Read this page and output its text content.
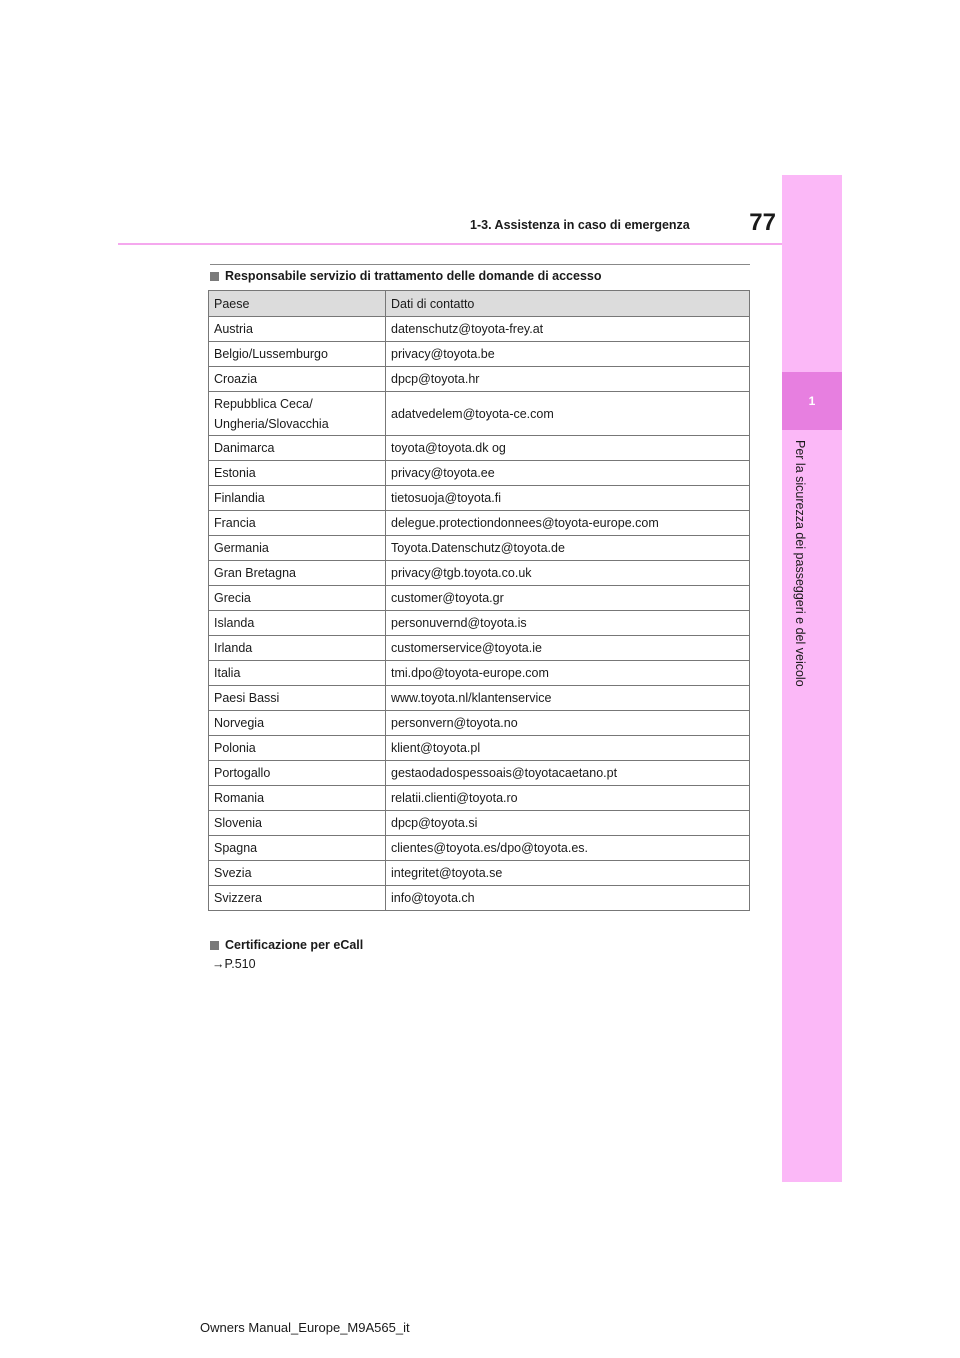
77
1-3. Assistenza in caso di emergenza
1
Per la sicurezza dei passeggeri e del veicolo
Responsabile servizio di trattamento delle domande di accesso
Paese	Dati di contatto
Austria	datenschutz@toyota-frey.at
Belgio/Lussemburgo	privacy@toyota.be
Croazia	dpcp@toyota.hr
Repubblica Ceca/
Ungheria/Slovacchia	adatvedelem@toyota-ce.com
Danimarca	toyota@toyota.dk og
Estonia	privacy@toyota.ee
Finlandia	tietosuoja@toyota.fi
Francia	delegue.protectiondonnees@toyota-europe.com
Germania	Toyota.Datenschutz@toyota.de
Gran Bretagna	privacy@tgb.toyota.co.uk
Grecia	customer@toyota.gr
Islanda	personuvernd@toyota.is
Irlanda	customerservice@toyota.ie
Italia	tmi.dpo@toyota-europe.com
Paesi Bassi	www.toyota.nl/klantenservice
Norvegia	personvern@toyota.no
Polonia	klient@toyota.pl
Portogallo	gestaodadospessoais@toyotacaetano.pt
Romania	relatii.clienti@toyota.ro
Slovenia	dpcp@toyota.si
Spagna	clientes@toyota.es/dpo@toyota.es.
Svezia	integritet@toyota.se
Svizzera	info@toyota.ch
Certificazione per eCall
→P.510
Owners Manual_Europe_M9A565_it
